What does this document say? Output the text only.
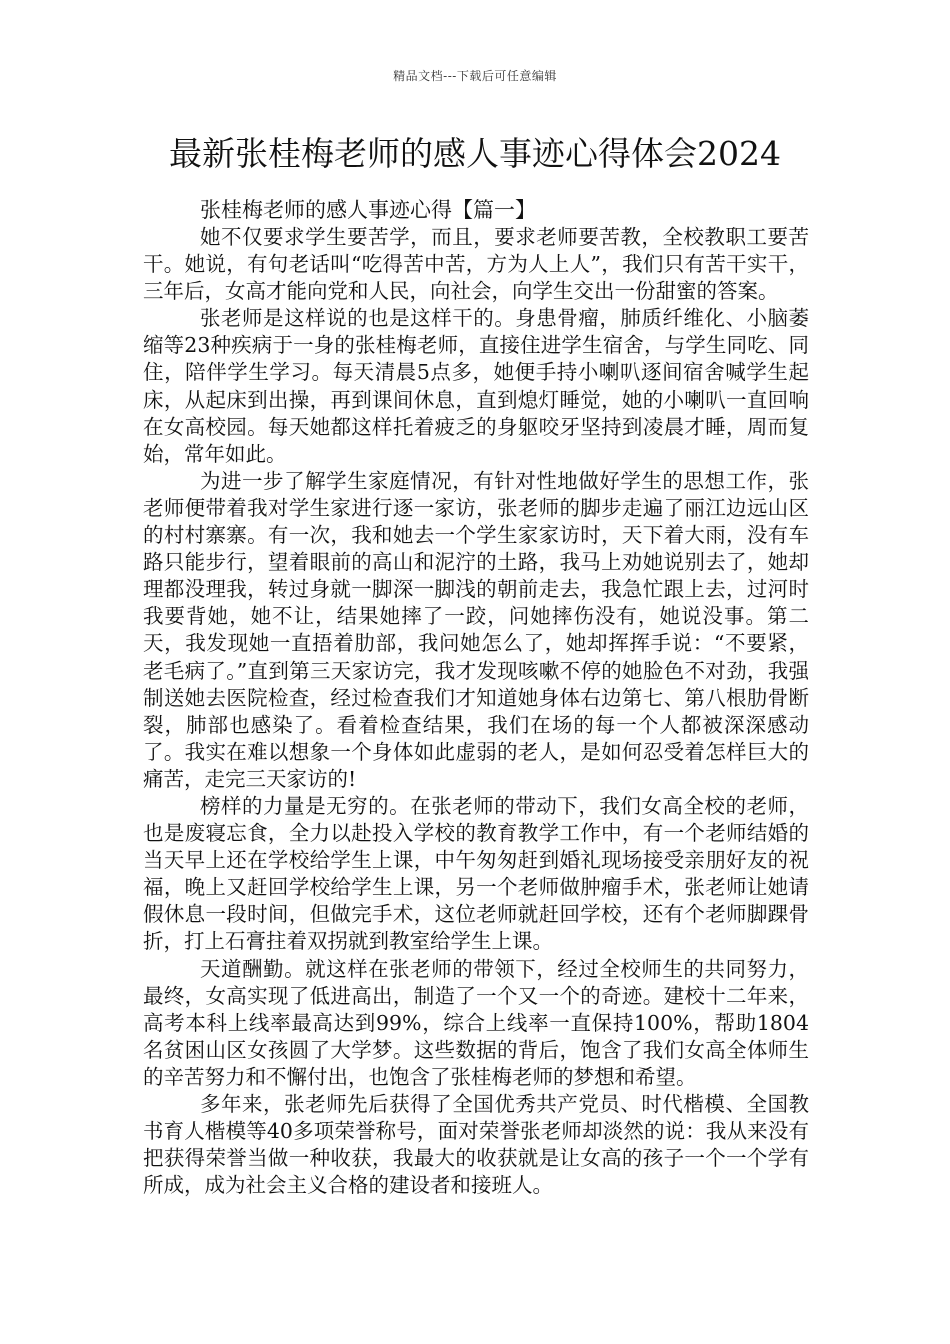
精品文档---下载后可任意编辑
最新张桂梅老师的感人事迹心得体会2024

张桂梅老师的感人事迹心得【篇一】

她不仅要求学生要苦学，而且，要求老师要苦教，全校教职工要苦干。她说，有句老话叫“吃得苦中苦，方为人上人”，我们只有苦干实干，三年后，女高才能向党和人民，向社会，向学生交出一份甜蜜的答案。

张老师是这样说的也是这样干的。身患骨瘤，肺质纤维化、小脑萎缩等23种疾病于一身的张桂梅老师，直接住进学生宿舍，与学生同吃、同住，陪伴学生学习。每天清晨5点多，她便手持小喇叭逐间宿舍喊学生起床，从起床到出操，再到课间休息，直到熄灯睡觉，她的小喇叭一直回响在女高校园。每天她都这样托着疲乏的身躯咬牙坚持到凌晨才睡，周而复始，常年如此。

为进一步了解学生家庭情况，有针对性地做好学生的思想工作，张老师便带着我对学生家进行逐一家访，张老师的脚步走遍了丽江边远山区的村村寨寨。有一次，我和她去一个学生家家访时，天下着大雨，没有车路只能步行，望着眼前的高山和泥泞的土路，我马上劝她说别去了，她却理都没理我，转过身就一脚深一脚浅的朝前走去，我急忙跟上去，过河时我要背她，她不让，结果她摔了一跤，问她摔伤没有，她说没事。第二天，我发现她一直捂着肋部，我问她怎么了，她却挥挥手说：“不要紧，老毛病了。”直到第三天家访完，我才发现咳嗽不停的她脸色不对劲，我强制送她去医院检查，经过检查我们才知道她身体右边第七、第八根肋骨断裂，肺部也感染了。看着检查结果，我们在场的每一个人都被深深感动了。我实在难以想象一个身体如此虚弱的老人，是如何忍受着怎样巨大的痛苦，走完三天家访的!

榜样的力量是无穷的。在张老师的带动下，我们女高全校的老师，也是废寝忘食，全力以赴投入学校的教育教学工作中，有一个老师结婚的当天早上还在学校给学生上课，中午匆匆赶到婚礼现场接受亲朋好友的祝福，晚上又赶回学校给学生上课，另一个老师做肿瘤手术，张老师让她请假休息一段时间，但做完手术，这位老师就赶回学校，还有个老师脚踝骨折，打上石膏拄着双拐就到教室给学生上课。

天道酬勤。就这样在张老师的带领下，经过全校师生的共同努力，最终，女高实现了低进高出，制造了一个又一个的奇迹。建校十二年来，高考本科上线率最高达到99%，综合上线率一直保持100%，帮助1804名贫困山区女孩圆了大学梦。这些数据的背后，饱含了我们女高全体师生的辛苦努力和不懈付出，也饱含了张桂梅老师的梦想和希望。

多年来，张老师先后获得了全国优秀共产党员、时代楷模、全国教书育人楷模等40多项荣誉称号，面对荣誉张老师却淡然的说：我从来没有把获得荣誉当做一种收获，我最大的收获就是让女高的孩子一个一个学有所成，成为社会主义合格的建设者和接班人。
